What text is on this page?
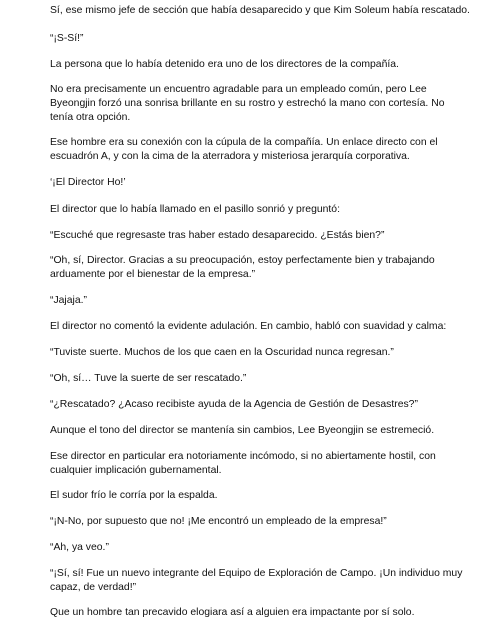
Sí, ese mismo jefe de sección que había desaparecido y que Kim Soleum había rescatado.

“¡S-Sí!”

La persona que lo había detenido era uno de los directores de la compañía.

No era precisamente un encuentro agradable para un empleado común, pero Lee Byeongjin forzó una sonrisa brillante en su rostro y estrechó la mano con cortesía. No tenía otra opción.

Ese hombre era su conexión con la cúpula de la compañía. Un enlace directo con el escuadrón A, y con la cima de la aterradora y misteriosa jerarquía corporativa.

‘¡El Director Ho!’

El director que lo había llamado en el pasillo sonrió y preguntó:

“Escuché que regresaste tras haber estado desaparecido. ¿Estás bien?”

“Oh, sí, Director. Gracias a su preocupación, estoy perfectamente bien y trabajando arduamente por el bienestar de la empresa.”

“Jajaja.”

El director no comentó la evidente adulación. En cambio, habló con suavidad y calma:

“Tuviste suerte. Muchos de los que caen en la Oscuridad nunca regresan.”

“Oh, sí… Tuve la suerte de ser rescatado.”

“¿Rescatado? ¿Acaso recibiste ayuda de la Agencia de Gestión de Desastres?”

Aunque el tono del director se mantenía sin cambios, Lee Byeongjin se estremeció.

Ese director en particular era notoriamente incómodo, si no abiertamente hostil, con cualquier implicación gubernamental.

El sudor frío le corría por la espalda.

“¡N-No, por supuesto que no! ¡Me encontró un empleado de la empresa!”

“Ah, ya veo.”

“¡Sí, sí! Fue un nuevo integrante del Equipo de Exploración de Campo. ¡Un individuo muy capaz, de verdad!”

Que un hombre tan precavido elogiara así a alguien era impactante por sí solo.
